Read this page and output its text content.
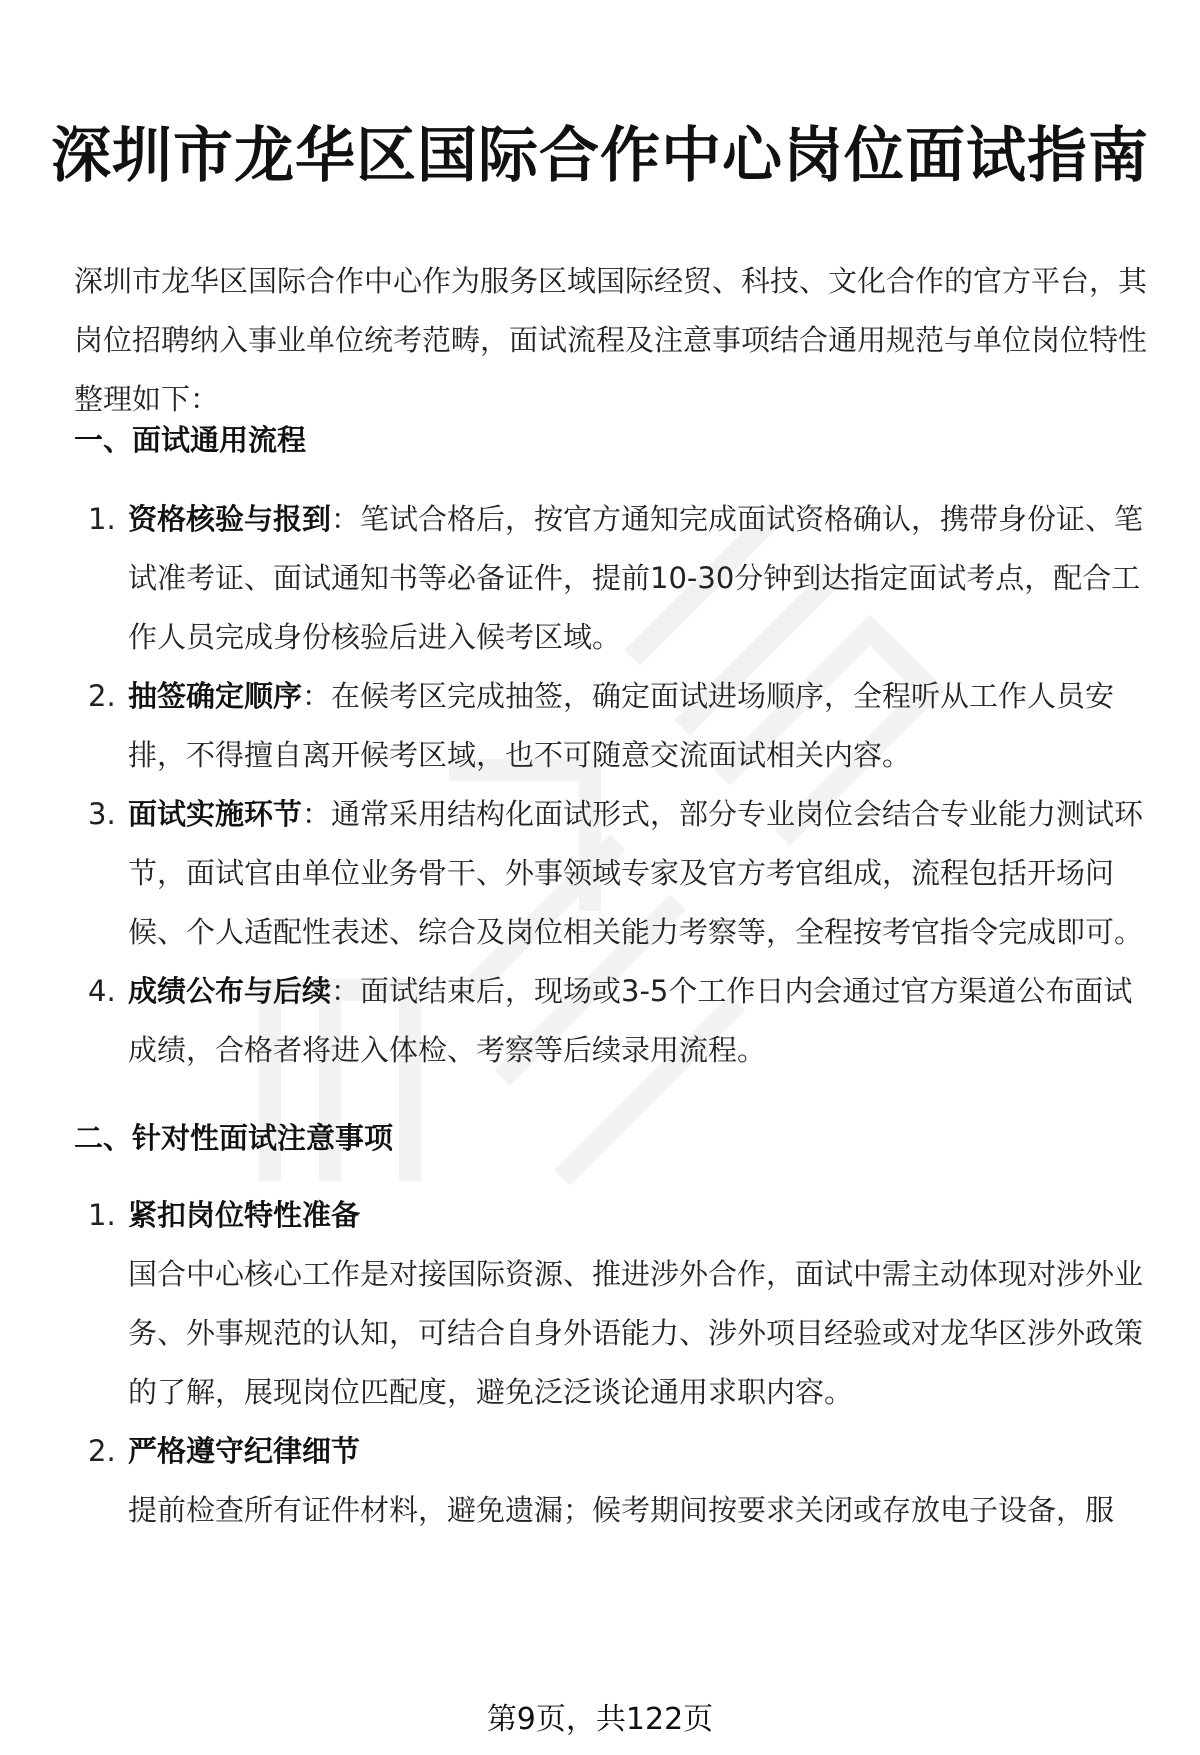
深圳市龙华区国际合作中心岗位面试指南
深圳市龙华区国际合作中心作为服务区域国际经贸、科技、文化合作的官方平台，其岗位招聘纳入事业单位统考范畴，面试流程及注意事项结合通用规范与单位岗位特性整理如下：
一、面试通用流程
1. 资格核验与报到：笔试合格后，按官方通知完成面试资格确认，携带身份证、笔试准考证、面试通知书等必备证件，提前10-30分钟到达指定面试考点，配合工作人员完成身份核验后进入候考区域。
2. 抽签确定顺序：在候考区完成抽签，确定面试进场顺序，全程听从工作人员安排，不得擅自离开候考区域，也不可随意交流面试相关内容。
3. 面试实施环节：通常采用结构化面试形式，部分专业岗位会结合专业能力测试环节，面试官由单位业务骨干、外事领域专家及官方考官组成，流程包括开场问候、个人适配性表述、综合及岗位相关能力考察等，全程按考官指令完成即可。
4. 成绩公布与后续：面试结束后，现场或3-5个工作日内会通过官方渠道公布面试成绩，合格者将进入体检、考察等后续录用流程。
二、针对性面试注意事项
1. 紧扣岗位特性准备
国合中心核心工作是对接国际资源、推进涉外合作，面试中需主动体现对涉外业务、外事规范的认知，可结合自身外语能力、涉外项目经验或对龙华区涉外政策的了解，展现岗位匹配度，避免泛泛谈论通用求职内容。
2. 严格遵守纪律细节
提前检查所有证件材料，避免遗漏；候考期间按要求关闭或存放电子设备，服
第9页，共122页
